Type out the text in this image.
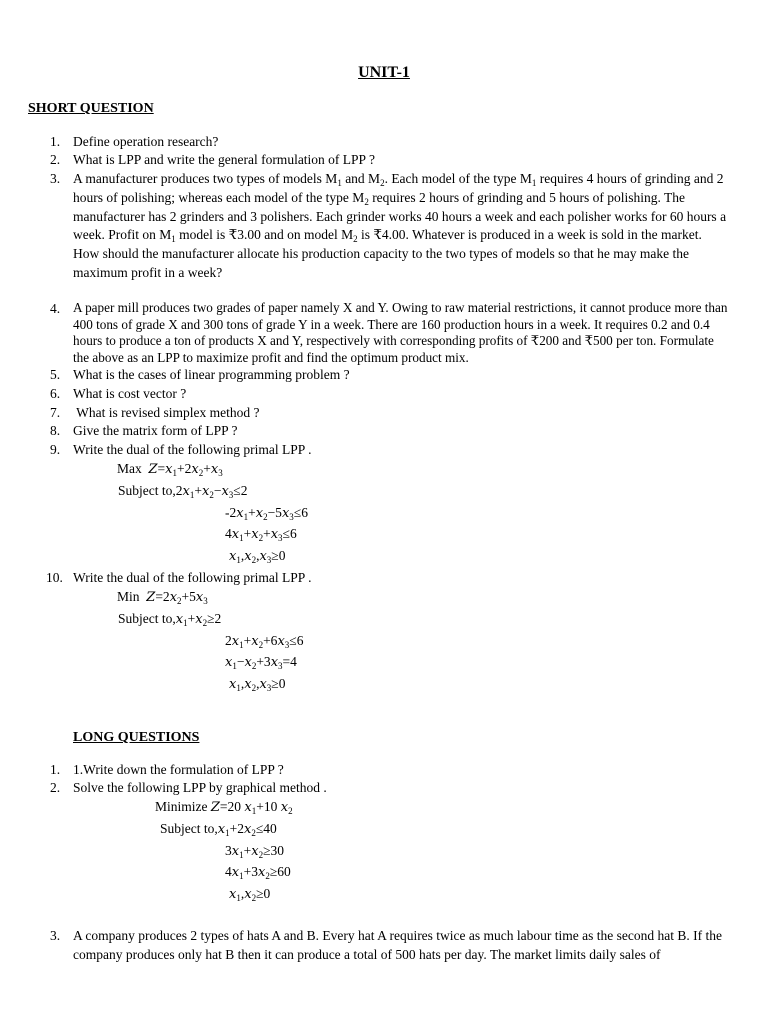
UNIT-1
SHORT QUESTION
1. Define operation research?
2. What is LPP and write the general formulation of LPP ?
3. A manufacturer produces two types of models $M_1$ and $M_2$. Each model of the type $M_1$ requires 4 hours of grinding and 2 hours of polishing; whereas each model of the type $M_2$ requires 2 hours of grinding and 5 hours of polishing. The manufacturer has 2 grinders and 3 polishers. Each grinder works 40 hours a week and each polisher works for 60 hours a week. Profit on $M_1$ model is ₹3.00 and on model $M_2$ is ₹4.00. Whatever is produced in a week is sold in the market. How should the manufacturer allocate his production capacity to the two types of models so that he may make the maximum profit in a week?
4. A paper mill produces two grades of paper namely X and Y. Owing to raw material restrictions, it cannot produce more than 400 tons of grade X and 300 tons of grade Y in a week. There are 160 production hours in a week. It requires 0.2 and 0.4 hours to produce a ton of products X and Y, respectively with corresponding profits of ₹200 and ₹500 per ton. Formulate the above as an LPP to maximize profit and find the optimum product mix.
5. What is the cases of linear programming problem ?
6. What is cost vector ?
7. What is revised simplex method ?
8. Give the matrix form of LPP ?
9. Write the dual of the following primal LPP .
Max $Z=x_1+2x_2+x_3$
Subject $to,2x_1+x_2-x_3\le 2$
$-2x_1+x_2-5x_3\le 6$
$4x_1+x_2+x_3\le 6$
$x_1,x_2,x_3\ge 0$
10. Write the dual of the following primal LPP .
Min $Z=2x_2+5x_3$
Subject $to,x_1+x_2\ge 2$
$2x_1+x_2+6x_3\le 6$
$x_1-x_2+3x_3=4$
$x_1,x_2,x_3\ge 0$
LONG QUESTIONS
1. 1.Write down the formulation of LPP ?
2. Solve the following LPP by graphical method .
Minimize Z=20 $x_1+10$ $x_2$
Subject $to,x_1+2x_2\le 40$
$3x_1+x_2\ge 30$
$4x_1+3x_2\ge 60$
$x_1,x_2\ge 0$
3. A company produces 2 types of hats A and B. Every hat A requires twice as much labour time as the second hat B. If the company produces only hat B then it can produce a total of 500 hats per day. The market limits daily sales of
